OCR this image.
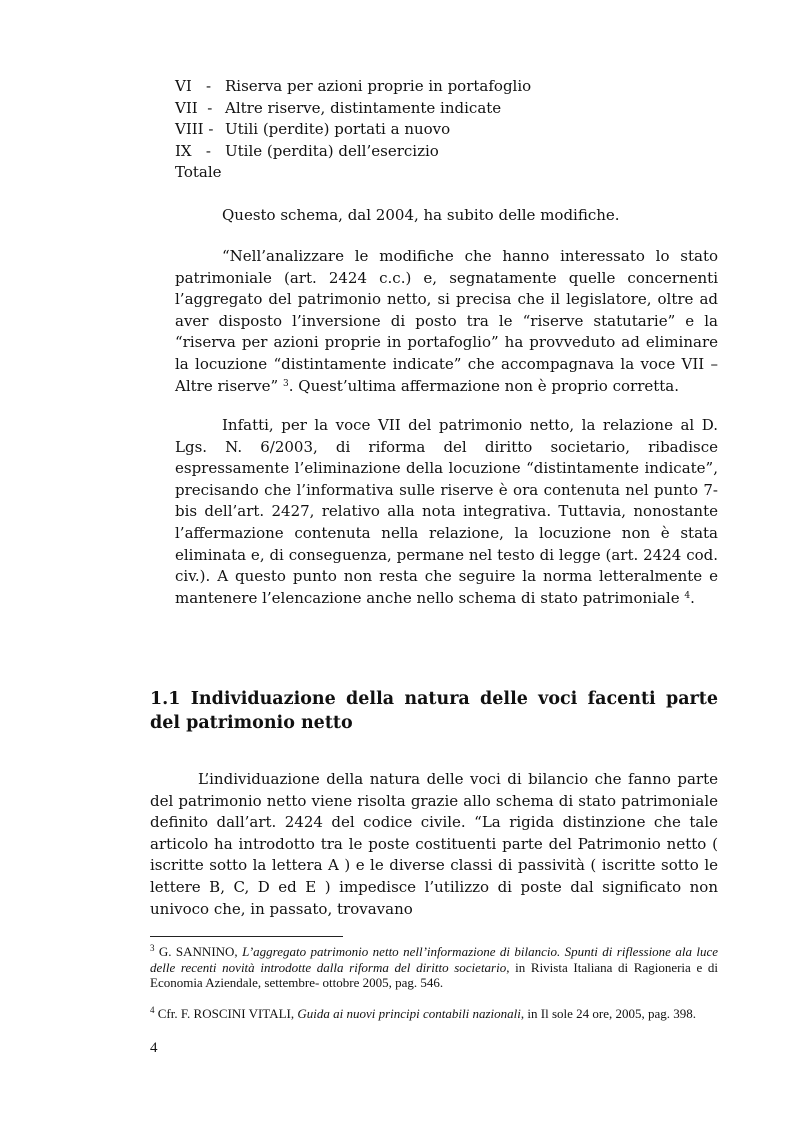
VI   - Riserva per azioni proprie in portafoglio
VII  - Altre riserve, distintamente indicate
VIII - Utili (perdite) portati a nuovo
IX   - Utile (perdita) dell’esercizio
Totale

Questo schema, dal 2004, ha subito delle modifiche.

“Nell’analizzare le modifiche che hanno interessato lo stato patrimoniale (art. 2424 c.c.) e, segnatamente quelle concernenti l’aggregato del patrimonio netto, si precisa che il legislatore, oltre ad aver disposto l’inversione di posto tra le “riserve statutarie” e la “riserva per azioni proprie in portafoglio” ha provveduto ad eliminare la locuzione “distintamente indicate” che accompagnava la voce VII – Altre riserve” $^3$. Quest’ultima affermazione non è proprio corretta.

Infatti, per la voce VII del patrimonio netto, la relazione al D. Lgs. N. 6/2003, di riforma del diritto societario, ribadisce espressamente l’eliminazione della locuzione “distintamente indicate”, precisando che l’informativa sulle riserve è ora contenuta nel punto 7- bis dell’art. 2427, relativo alla nota integrativa. Tuttavia, nonostante l’affermazione contenuta nella relazione, la locuzione non è stata eliminata e, di conseguenza, permane nel testo di legge (art. 2424 cod. civ.). A questo punto non resta che seguire la norma letteralmente e mantenere l’elencazione anche nello schema di stato patrimoniale $^4$.

1.1 Individuazione della natura delle voci facenti parte del patrimonio netto

L’individuazione della natura delle voci di bilancio che fanno parte del patrimonio netto viene risolta grazie allo schema di stato patrimoniale definito dall’art. 2424 del codice civile. “La rigida distinzione che tale articolo ha introdotto tra le poste costituenti parte del Patrimonio netto ( iscritte sotto la lettera A ) e le diverse classi di passività ( iscritte sotto le lettere B, C, D ed E ) impedisce l’utilizzo di poste dal significato non univoco che, in passato, trovavano

$^3$ G. SANNINO, L’aggregato patrimonio netto nell’informazione di bilancio. Spunti di riflessione ala luce delle recenti novità introdotte dalla riforma del diritto societario, in Rivista Italiana di Ragioneria e di Economia Aziendale, settembre- ottobre 2005, pag. 546.
$^4$ Cfr. F. ROSCINI VITALI, Guida ai nuovi principi contabili nazionali, in Il sole 24 ore, 2005, pag. 398.
4
